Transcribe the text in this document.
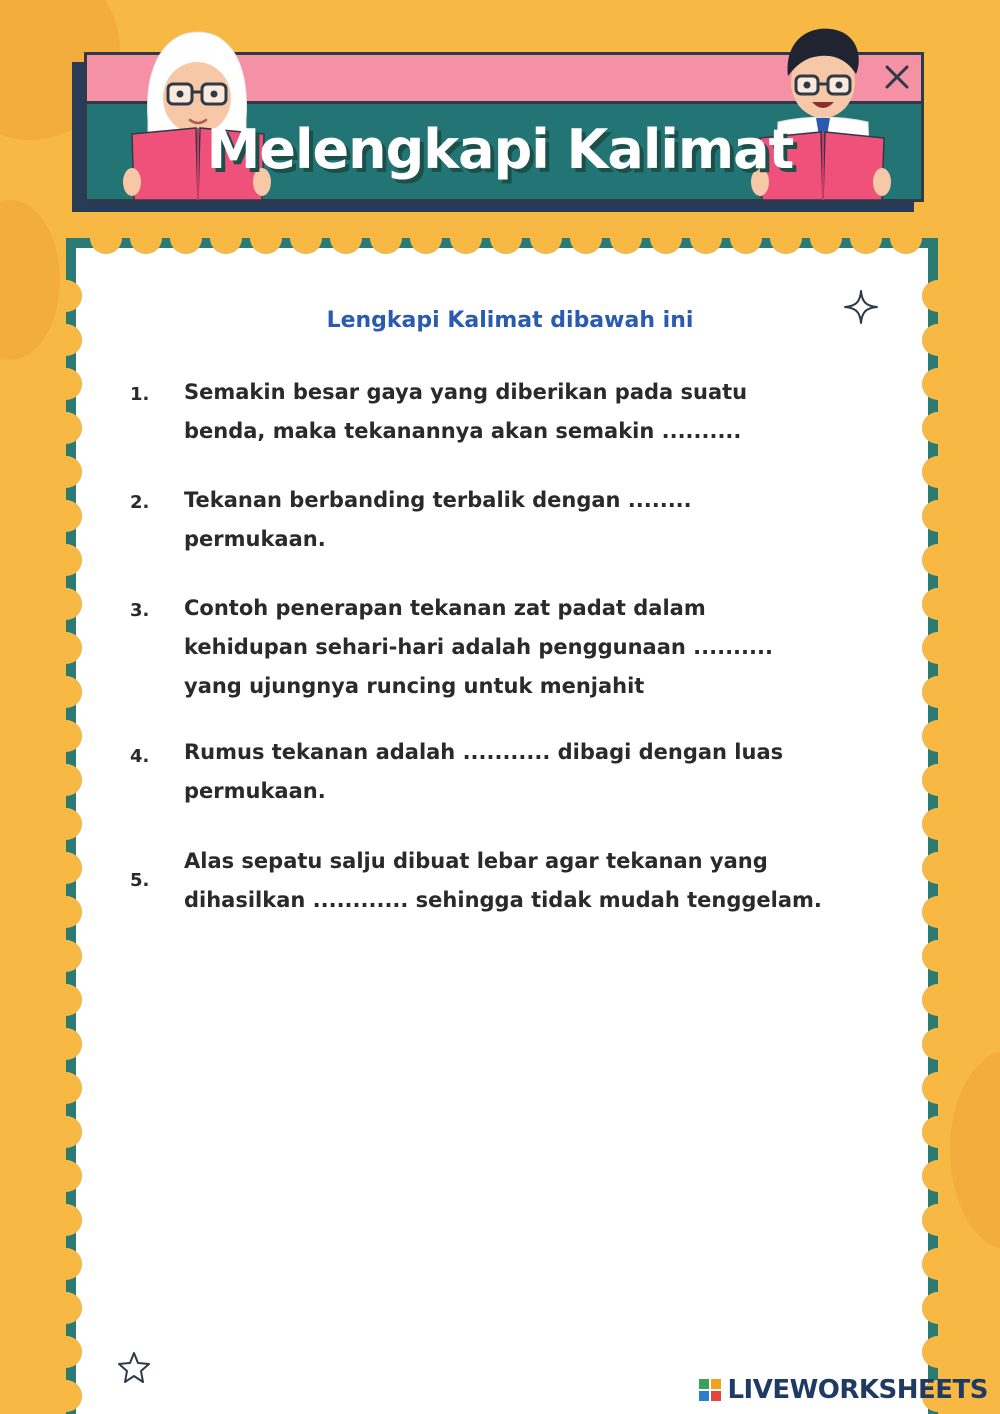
Melengkapi Kalimat
Lengkapi Kalimat dibawah ini
1.	Semakin besar gaya yang diberikan pada suatu
benda, maka tekanannya akan semakin ..........
2.	Tekanan berbanding terbalik dengan ........
permukaan.
3.	Contoh penerapan tekanan zat padat dalam
kehidupan sehari-hari adalah penggunaan ..........
yang ujungnya runcing untuk menjahit
4.	Rumus tekanan adalah ........... dibagi dengan luas
permukaan.
5.
Alas sepatu salju dibuat lebar agar tekanan yang
dihasilkan ............ sehingga tidak mudah tenggelam.
LIVEWORKSHEETS
